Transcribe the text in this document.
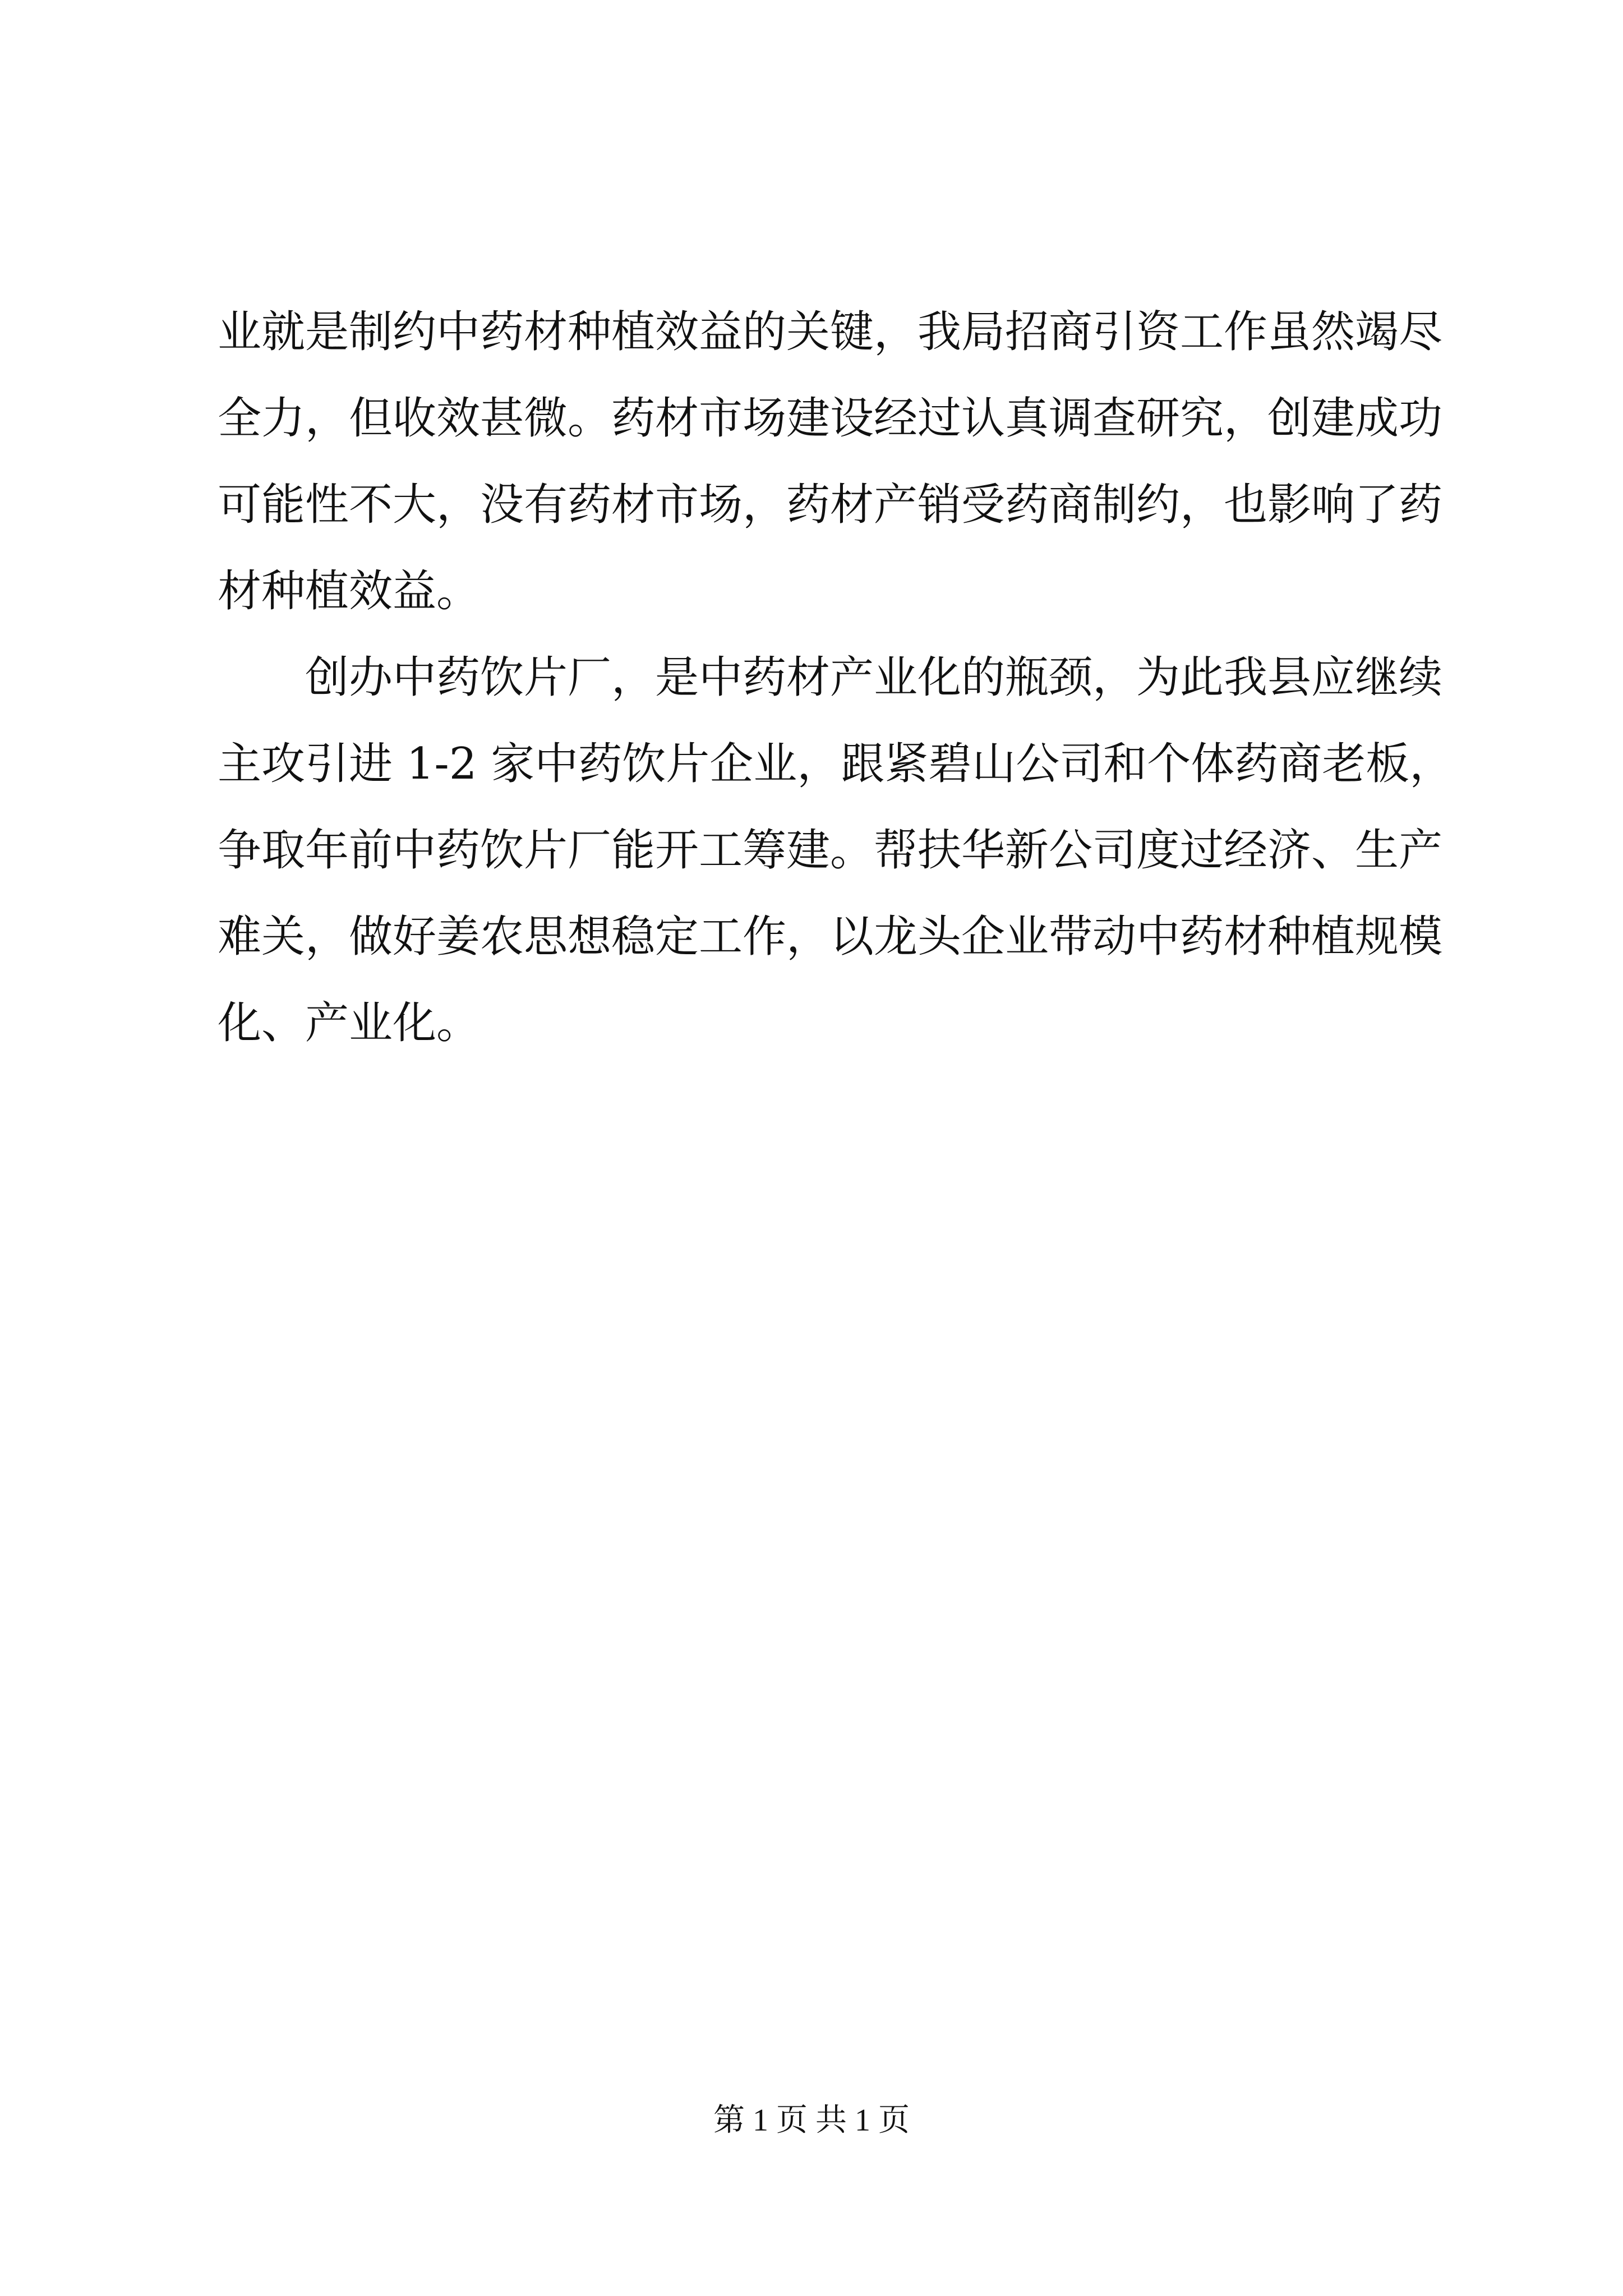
业就是制约中药材种植效益的关键，我局招商引资工作虽然竭尽
全力，但收效甚微。药材市场建设经过认真调查研究，创建成功
可能性不大，没有药材市场，药材产销受药商制约，也影响了药
材种植效益。

创办中药饮片厂，是中药材产业化的瓶颈，为此我县应继续
主攻引进 1-2 家中药饮片企业，跟紧碧山公司和个体药商老板，
争取年前中药饮片厂能开工筹建。帮扶华新公司度过经济、生产
难关，做好姜农思想稳定工作，以龙头企业带动中药材种植规模
化、产业化。

第 1 页 共 1 页
